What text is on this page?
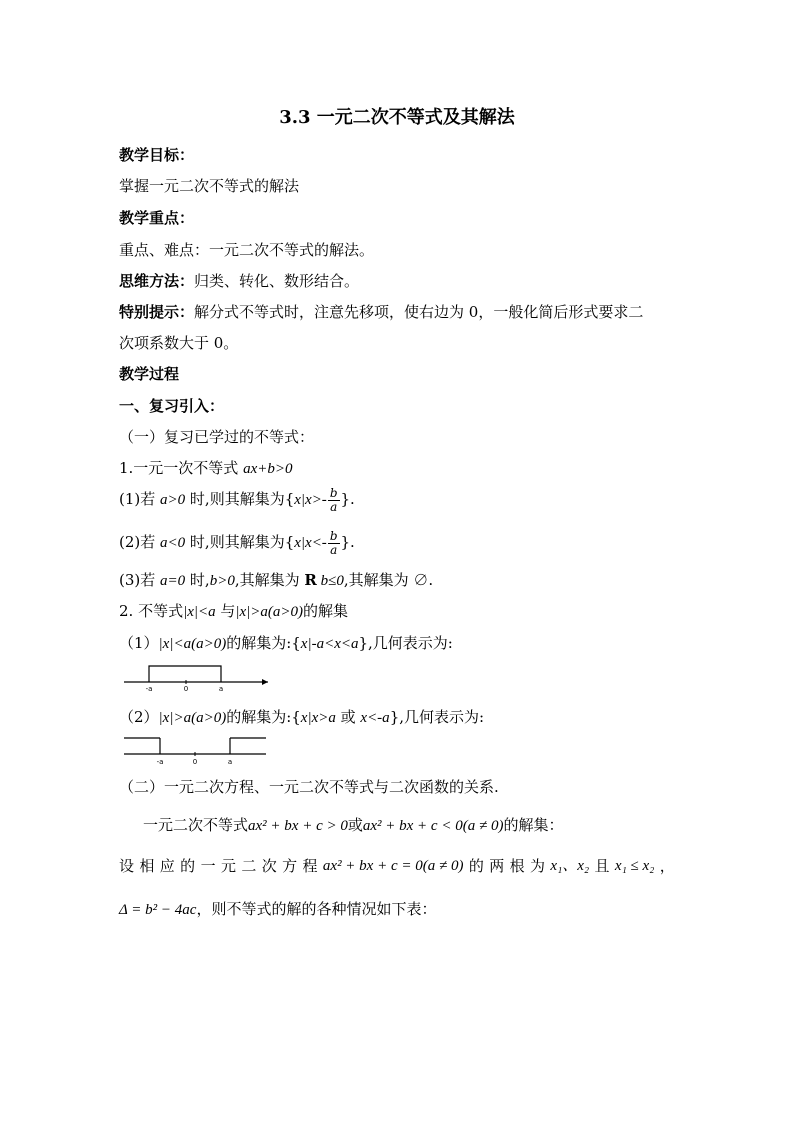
3.3 一元二次不等式及其解法
教学目标：
掌握一元二次不等式的解法
教学重点：
重点、难点：一元二次不等式的解法。
思维方法：归类、转化、数形结合。
特别提示：解分式不等式时，注意先移项，使右边为 0，一般化简后形式要求二
次项系数大于 0。
教学过程
一、复习引入：
（一）复习已学过的不等式：
1.一元一次不等式 ax+b>0
(1)若 a>0 时,则其解集为{$x|x>- \frac{b}{a}$ }.
(2)若 a<0 时,则其解集为{$x|x<- \frac{b}{a}$ }.
(3)若 a=0 时,b>0,其解集为 R b≤0,其解集为 ∅.
2. 不等式|x|<a 与|x|>a(a>0)的解集
（1）|x|<a(a>0)的解集为:{x|-a<x<a},几何表示为:
-a	0	a
（2）|x|>a(a>0)的解集为:{x|x>a 或 x<-a},几何表示为:
-a	0	a
（二）一元二次方程、一元二次不等式与二次函数的关系.
一元二次不等式ax² + bx + c > 0或ax² + bx + c < 0(a ≠ 0)的解集：
设 相 应 的 一 元 二 次 方 程 ax² + bx + c = 0(a ≠ 0) 的 两 根 为 x₁、x₂ 且 x₁ ≤ x₂ ，
Δ = b² − 4ac，则不等式的解的各种情况如下表：
